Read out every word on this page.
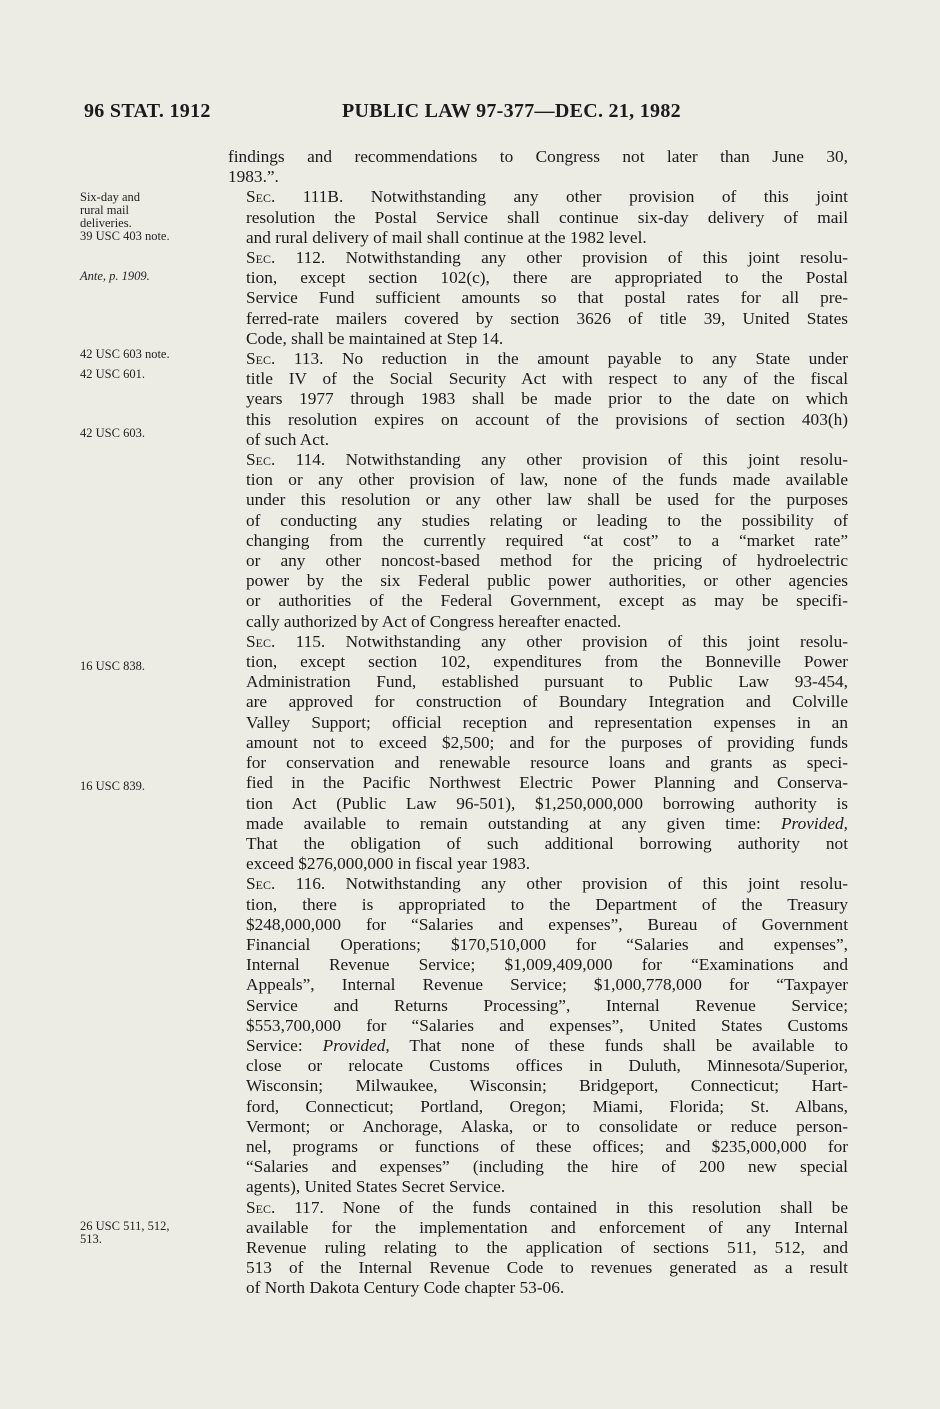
96 STAT. 1912	PUBLIC LAW 97-377—DEC. 21, 1982
Six-day and
rural mail
deliveries.
39 USC 403 note.
Ante, p. 1909.
42 USC 603 note.
42 USC 601.
42 USC 603.
16 USC 838.
16 USC 839.
26 USC 511, 512,
513.

findings and recommendations to Congress not later than June 30,
1983.”.

Sec. 111B. Notwithstanding any other provision of this joint
resolution the Postal Service shall continue six-day delivery of mail
and rural delivery of mail shall continue at the 1982 level.

Sec. 112. Notwithstanding any other provision of this joint resolu-
tion, except section 102(c), there are appropriated to the Postal
Service Fund sufficient amounts so that postal rates for all pre-
ferred-rate mailers covered by section 3626 of title 39, United States
Code, shall be maintained at Step 14.

Sec. 113. No reduction in the amount payable to any State under
title IV of the Social Security Act with respect to any of the fiscal
years 1977 through 1983 shall be made prior to the date on which
this resolution expires on account of the provisions of section 403(h)
of such Act.

Sec. 114. Notwithstanding any other provision of this joint resolu-
tion or any other provision of law, none of the funds made available
under this resolution or any other law shall be used for the purposes
of conducting any studies relating or leading to the possibility of
changing from the currently required “at cost” to a “market rate”
or any other noncost-based method for the pricing of hydroelectric
power by the six Federal public power authorities, or other agencies
or authorities of the Federal Government, except as may be specifi-
cally authorized by Act of Congress hereafter enacted.

Sec. 115. Notwithstanding any other provision of this joint resolu-
tion, except section 102, expenditures from the Bonneville Power
Administration Fund, established pursuant to Public Law 93-454,
are approved for construction of Boundary Integration and Colville
Valley Support; official reception and representation expenses in an
amount not to exceed $2,500; and for the purposes of providing funds
for conservation and renewable resource loans and grants as speci-
fied in the Pacific Northwest Electric Power Planning and Conserva-
tion Act (Public Law 96-501), $1,250,000,000 borrowing authority is
made available to remain outstanding at any given time: Provided,
That the obligation of such additional borrowing authority not
exceed $276,000,000 in fiscal year 1983.

Sec. 116. Notwithstanding any other provision of this joint resolu-
tion, there is appropriated to the Department of the Treasury
$248,000,000 for “Salaries and expenses”, Bureau of Government
Financial Operations; $170,510,000 for “Salaries and expenses”,
Internal Revenue Service; $1,009,409,000 for “Examinations and
Appeals”, Internal Revenue Service; $1,000,778,000 for “Taxpayer
Service and Returns Processing”, Internal Revenue Service;
$553,700,000 for “Salaries and expenses”, United States Customs
Service: Provided, That none of these funds shall be available to
close or relocate Customs offices in Duluth, Minnesota/Superior,
Wisconsin; Milwaukee, Wisconsin; Bridgeport, Connecticut; Hart-
ford, Connecticut; Portland, Oregon; Miami, Florida; St. Albans,
Vermont; or Anchorage, Alaska, or to consolidate or reduce person-
nel, programs or functions of these offices; and $235,000,000 for
“Salaries and expenses” (including the hire of 200 new special
agents), United States Secret Service.

Sec. 117. None of the funds contained in this resolution shall be
available for the implementation and enforcement of any Internal
Revenue ruling relating to the application of sections 511, 512, and
513 of the Internal Revenue Code to revenues generated as a result
of North Dakota Century Code chapter 53-06.
